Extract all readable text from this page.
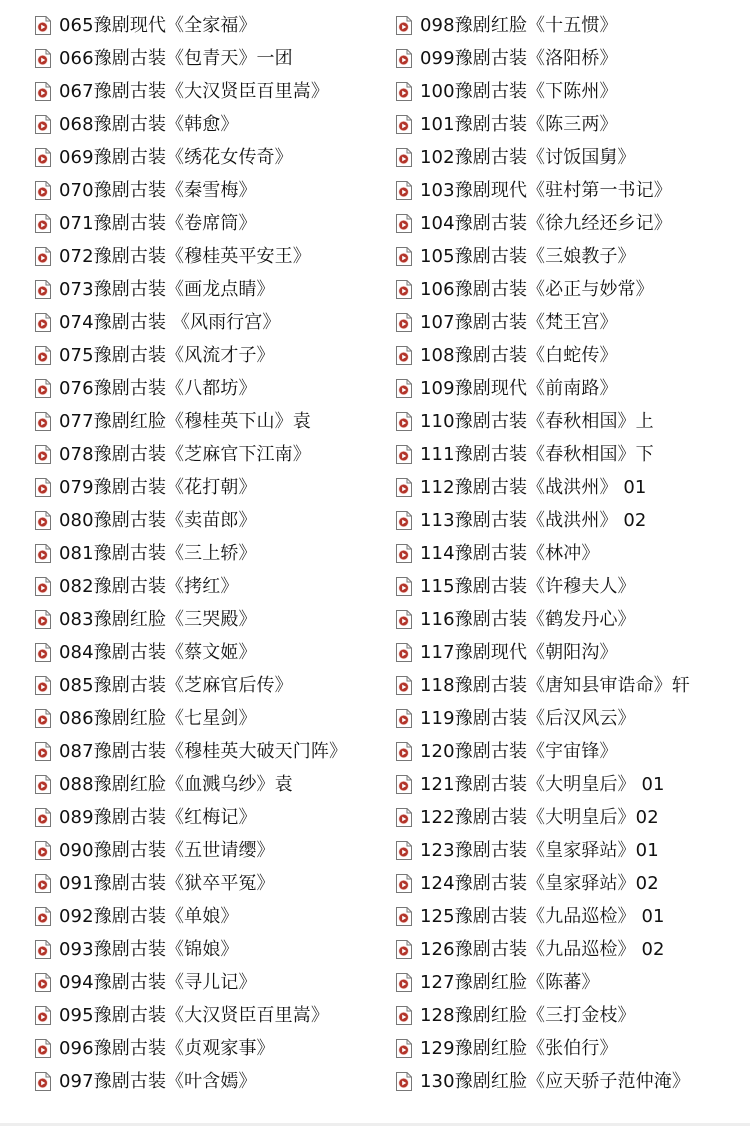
065豫剧现代《全家福》
066豫剧古装《包青天》一团
067豫剧古装《大汉贤臣百里嵩》
068豫剧古装《韩愈》
069豫剧古装《绣花女传奇》
070豫剧古装《秦雪梅》
071豫剧古装《卷席筒》
072豫剧古装《穆桂英平安王》
073豫剧古装《画龙点睛》
074豫剧古装 《风雨行宫》
075豫剧古装《风流才子》
076豫剧古装《八都坊》
077豫剧红脸《穆桂英下山》袁
078豫剧古装《芝麻官下江南》
079豫剧古装《花打朝》
080豫剧古装《卖苗郎》
081豫剧古装《三上轿》
082豫剧古装《拷红》
083豫剧红脸《三哭殿》
084豫剧古装《蔡文姬》
085豫剧古装《芝麻官后传》
086豫剧红脸《七星剑》
087豫剧古装《穆桂英大破天门阵》
088豫剧红脸《血溅乌纱》袁
089豫剧古装《红梅记》
090豫剧古装《五世请缨》
091豫剧古装《狱卒平冤》
092豫剧古装《单娘》
093豫剧古装《锦娘》
094豫剧古装《寻儿记》
095豫剧古装《大汉贤臣百里嵩》
096豫剧古装《贞观家事》
097豫剧古装《叶含嫣》
098豫剧红脸《十五惯》
099豫剧古装《洛阳桥》
100豫剧古装《下陈州》
101豫剧古装《陈三两》
102豫剧古装《讨饭国舅》
103豫剧现代《驻村第一书记》
104豫剧古装《徐九经还乡记》
105豫剧古装《三娘教子》
106豫剧古装《必正与妙常》
107豫剧古装《梵王宫》
108豫剧古装《白蛇传》
109豫剧现代《前南路》
110豫剧古装《春秋相国》上
111豫剧古装《春秋相国》下
112豫剧古装《战洪州》 01
113豫剧古装《战洪州》 02
114豫剧古装《林冲》
115豫剧古装《许穆夫人》
116豫剧古装《鹤发丹心》
117豫剧现代《朝阳沟》
118豫剧古装《唐知县审诰命》轩
119豫剧古装《后汉风云》
120豫剧古装《宇宙锋》
121豫剧古装《大明皇后》 01
122豫剧古装《大明皇后》02
123豫剧古装《皇家驿站》01
124豫剧古装《皇家驿站》02
125豫剧古装《九品巡检》 01
126豫剧古装《九品巡检》 02
127豫剧红脸《陈蕃》
128豫剧红脸《三打金枝》
129豫剧红脸《张伯行》
130豫剧红脸《应天骄子范仲淹》
